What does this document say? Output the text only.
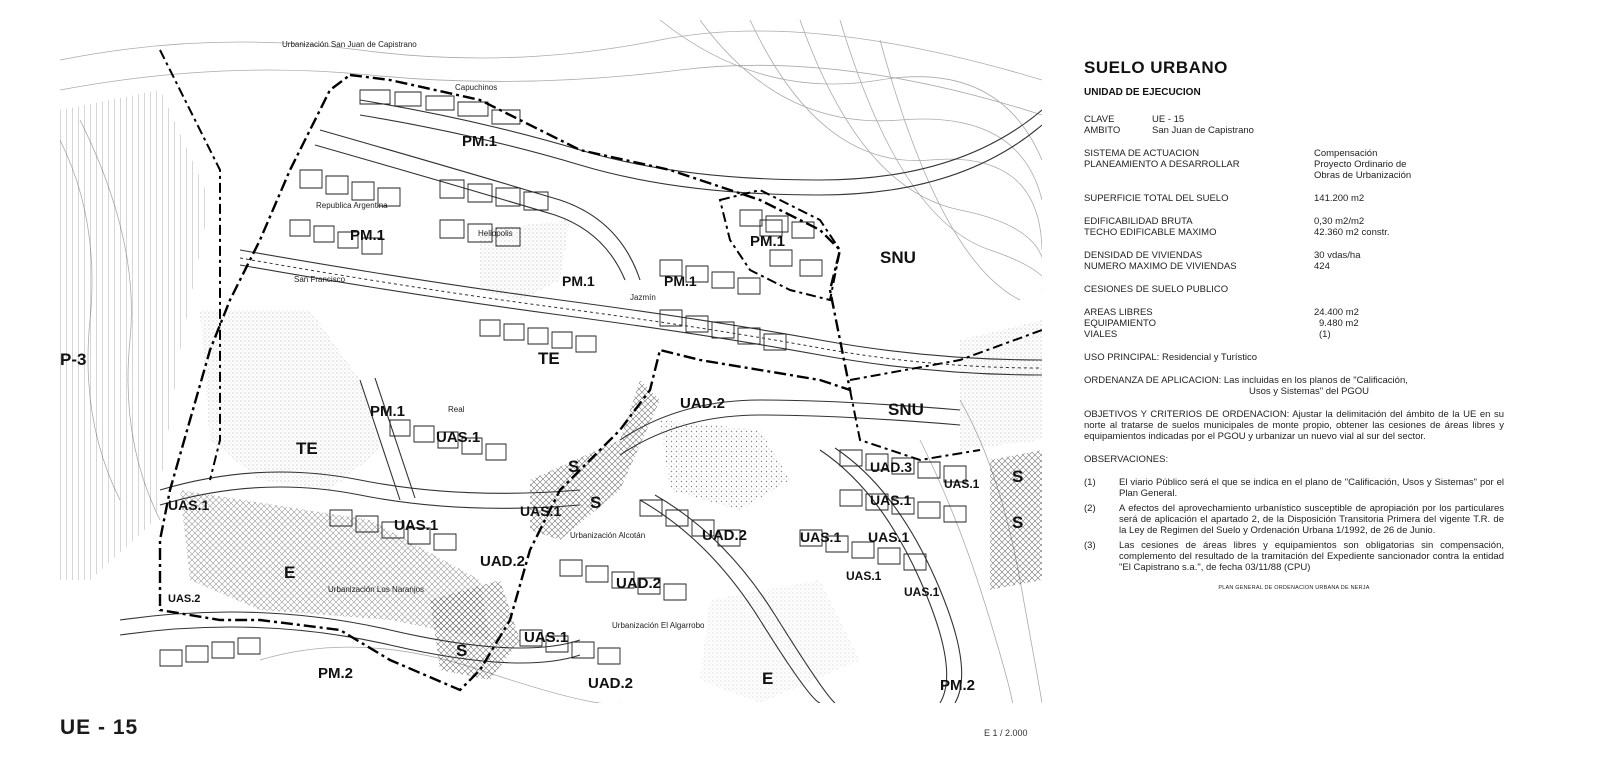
Urbanización San Juan de Capistrano
Capuchinos
Urbanización Alcotán
Urbanización Los Naranjos
Urbanización El Algarrobo
Heliopolis
Republica Argentina
San Francisco
Jazmín
Real
PM.1
PM.1
PM.1	PM.1
PM.1
PM.1
PM.2
PM.2
SNU
SNU
TE
TE
UAD.2
UAD.2
UAD.2
UAD.2
UAD.2
UAD.3
UAS.1
UAS.1
UAS.1
UAS.1
UAS.1
UAS.1 UAS.1
UAS.1
UAS.1
UAS.1
UAS.1
UAS.2
S
S
S
S
S
E
E
P-3
UE - 15	E 1 / 2.000
SUELO URBANO
UNIDAD DE EJECUCION
CLAVE	UE - 15
AMBITO	San Juan de Capistrano
SISTEMA DE ACTUACION	Compensación
PLANEAMIENTO A DESARROLLAR	Proyecto Ordinario de
Obras de Urbanización
SUPERFICIE TOTAL DEL SUELO	141.200 m2
EDIFICABILIDAD BRUTA	0,30 m2/m2
TECHO EDIFICABLE MAXIMO	42.360 m2 constr.
DENSIDAD DE VIVIENDAS	30 vdas/ha
NUMERO MAXIMO DE VIVIENDAS	424
CESIONES DE SUELO PUBLICO
AREAS LIBRES	24.400 m2
EQUIPAMIENTO	9.480 m2
VIALES	(1)
USO PRINCIPAL: Residencial y Turístico
ORDENANZA DE APLICACION: Las incluidas en los planos de "Calificación,
Usos y Sistemas" del PGOU
OBJETIVOS Y CRITERIOS DE ORDENACION: Ajustar la delimitación del ámbito de la UE en su norte al tratarse de suelos municipales de monte propio, obtener las cesiones de áreas libres y equipamientos indicadas por el PGOU y urbanizar un nuevo vial al sur del sector.
OBSERVACIONES:
(1)	El viario Público será el que se indica en el plano de "Calificación, Usos y Sistemas" por el Plan General.
(2)	A efectos del aprovechamiento urbanístico susceptible de apropiación por los particulares será de aplicación el apartado 2, de la Disposición Transitoria Primera del vigente T.R. de la Ley de Regimen del Suelo y Ordenación Urbana 1/1992, de 26 de Junio.
(3)	Las cesiones de áreas libres y equipamientos son obligatorias sin compensación, complemento del resultado de la tramitación del Expediente sancionador contra la entidad "El Capistrano s.a.", de fecha 03/11/88 (CPU)
PLAN GENERAL DE ORDENACION URBANA DE NERJA
